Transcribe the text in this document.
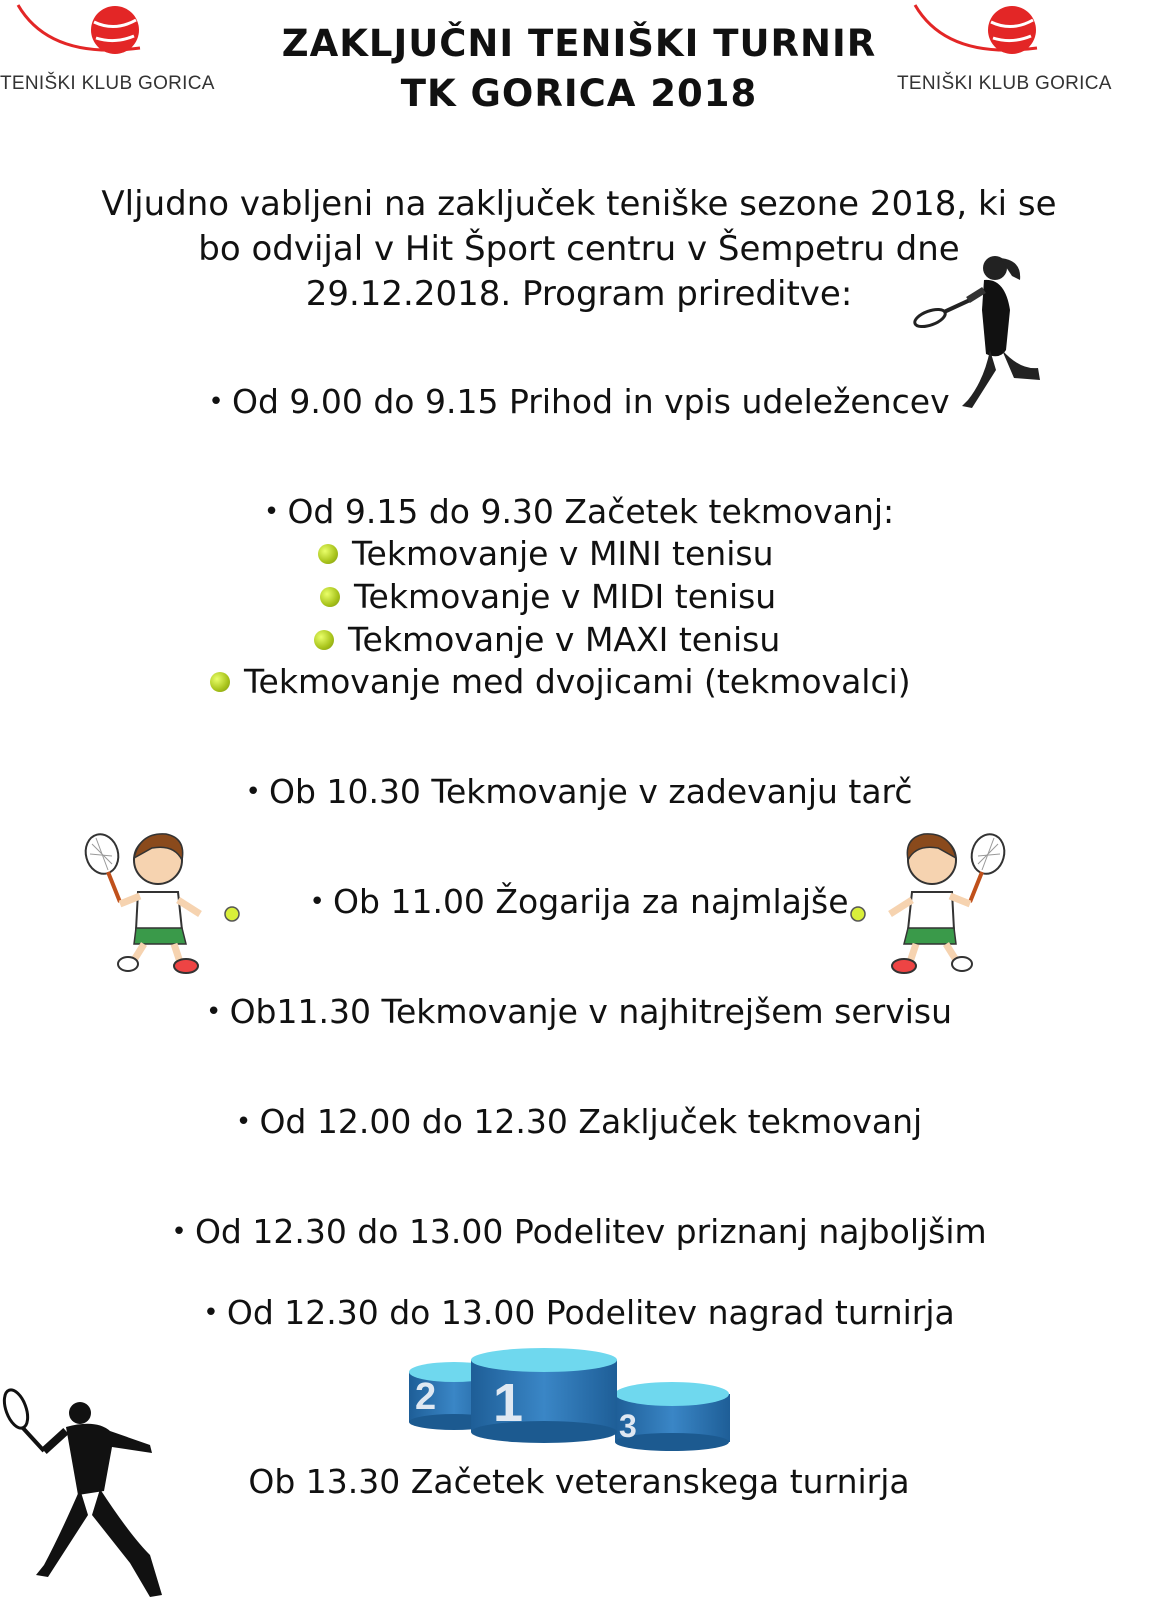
TENIŠKI KLUB GORICA	TENIŠKI KLUB GORICA
ZAKLJUČNI TENIŠKI TURNIR
TK GORICA 2018
Vljudno vabljeni na zaključek teniške sezone 2018, ki se
bo odvijal v Hit Šport centru v Šempetru dne
29.12.2018. Program prireditve:
• Od 9.00 do 9.15 Prihod in vpis udeležencev
• Od 9.15 do 9.30 Začetek tekmovanj:
Tekmovanje v MINI tenisu
Tekmovanje v MIDI tenisu
Tekmovanje v MAXI tenisu
Tekmovanje med dvojicami (tekmovalci)
• Ob 10.30 Tekmovanje v zadevanju tarč
• Ob 11.00 Žogarija za najmlajše
• Ob11.30 Tekmovanje v najhitrejšem servisu
• Od 12.00 do 12.30 Zaključek tekmovanj
• Od 12.30 do 13.00 Podelitev priznanj najboljšim
• Od 12.30 do 13.00 Podelitev nagrad turnirja
2 1	3
Ob 13.30 Začetek veteranskega turnirja
